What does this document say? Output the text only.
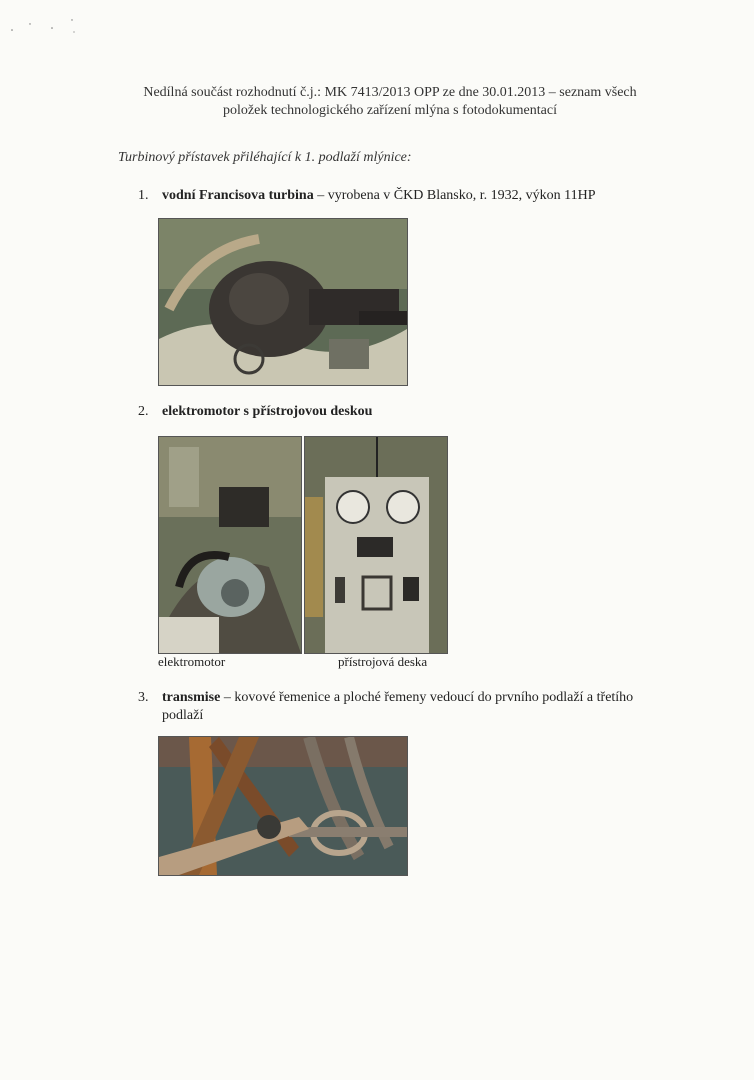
Nedílná součást rozhodnutí č.j.: MK 7413/2013 OPP ze dne 30.01.2013 – seznam všech
položek technologického zařízení mlýna s fotodokumentací
Turbinový přístavek přiléhající k 1. podlaží mlýnice:
1. vodní Francisova turbina – vyrobena v ČKD Blansko, r. 1932, výkon 11HP
2. elektromotor s přístrojovou deskou
elektromotor	přístrojová deska
3. transmise – kovové řemenice a ploché řemeny vedoucí do prvního podlaží a třetího
podlaží
